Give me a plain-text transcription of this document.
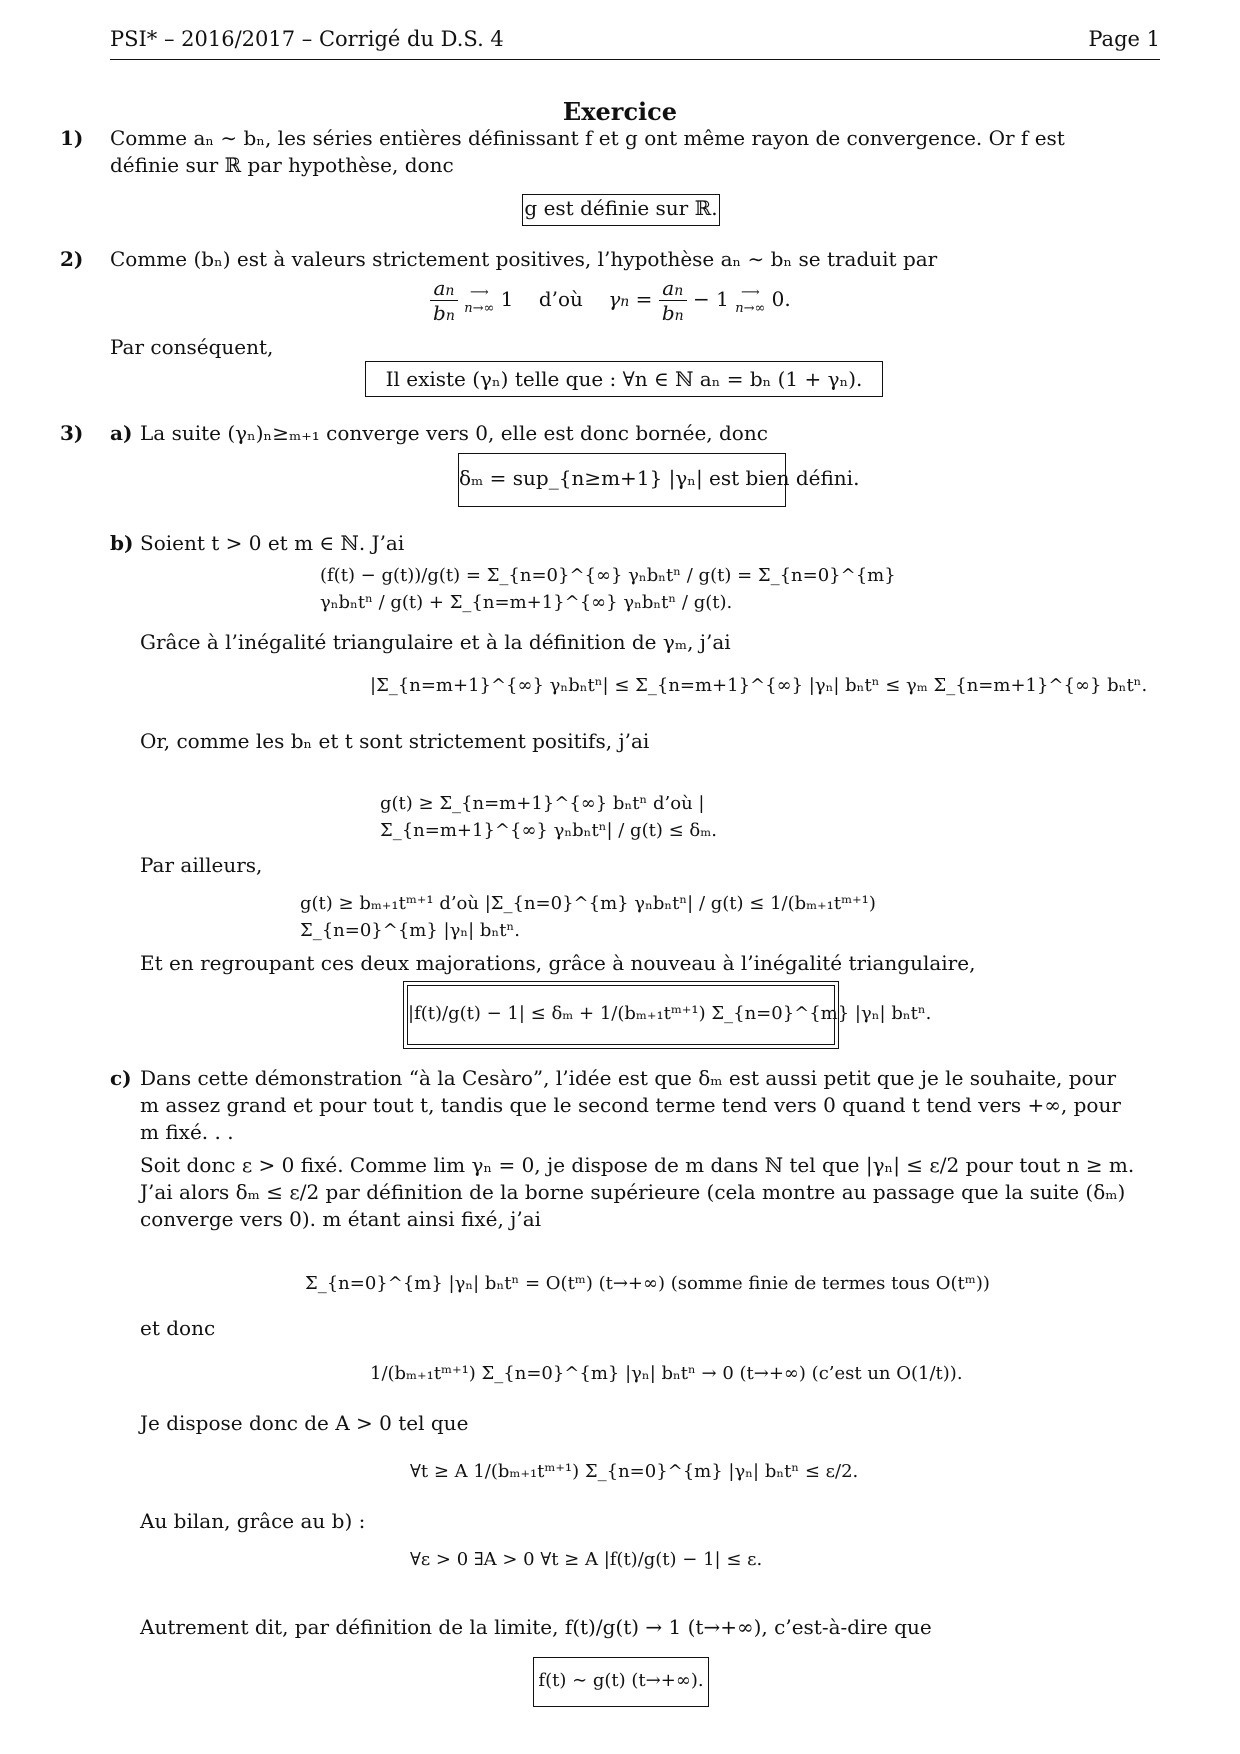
PSI* – 2016/2017 – Corrigé du D.S. 4	Page 1
Exercice
1) Comme aₙ ∼ bₙ, les séries entières définissant f et g ont même rayon de convergence. Or f est définie sur ℝ par hypothèse, donc
g est définie sur ℝ.
2) Comme (bₙ) est à valeurs strictement positives, l’hypothèse aₙ ∼ bₙ se traduit par
$\frac{an}{bn}$
⟶
n→∞ 1    d’où    $\gamma n = \frac{an}{bn} - 1$ ⟶
n→∞ 0.
Par conséquent,
Il existe (γₙ) telle que : ∀n ∈ ℕ aₙ = bₙ (1 + γₙ).
3) a) La suite (γₙ)ₙ≥ₘ₊₁ converge vers 0, elle est donc bornée, donc
δₘ = sup_{n≥m+1} |γₙ| est bien défini.
b) Soient t > 0 et m ∈ ℕ. J’ai
(f(t) − g(t))/g(t) = Σ_{n=0}^{∞} γₙbₙtⁿ / g(t) = Σ_{n=0}^{m} γₙbₙtⁿ / g(t) + Σ_{n=m+1}^{∞} γₙbₙtⁿ / g(t).
Grâce à l’inégalité triangulaire et à la définition de γₘ, j’ai
|Σ_{n=m+1}^{∞} γₙbₙtⁿ| ≤ Σ_{n=m+1}^{∞} |γₙ| bₙtⁿ ≤ γₘ Σ_{n=m+1}^{∞} bₙtⁿ.
Or, comme les bₙ et t sont strictement positifs, j’ai
g(t) ≥ Σ_{n=m+1}^{∞} bₙtⁿ d’où |Σ_{n=m+1}^{∞} γₙbₙtⁿ| / g(t) ≤ δₘ.
Par ailleurs,
g(t) ≥ bₘ₊₁tᵐ⁺¹ d’où |Σ_{n=0}^{m} γₙbₙtⁿ| / g(t) ≤ 1/(bₘ₊₁tᵐ⁺¹) Σ_{n=0}^{m} |γₙ| bₙtⁿ.
Et en regroupant ces deux majorations, grâce à nouveau à l’inégalité triangulaire,
|f(t)/g(t) − 1| ≤ δₘ + 1/(bₘ₊₁tᵐ⁺¹) Σ_{n=0}^{m} |γₙ| bₙtⁿ.
c) Dans cette démonstration “à la Cesàro”, l’idée est que δₘ est aussi petit que je le souhaite, pour m assez grand et pour tout t, tandis que le second terme tend vers 0 quand t tend vers +∞, pour m fixé. . .
Soit donc ε > 0 fixé. Comme lim γₙ = 0, je dispose de m dans ℕ tel que |γₙ| ≤ ε/2 pour tout n ≥ m. J’ai alors δₘ ≤ ε/2 par définition de la borne supérieure (cela montre au passage que la suite (δₘ) converge vers 0). m étant ainsi fixé, j’ai
Σ_{n=0}^{m} |γₙ| bₙtⁿ = O(tᵐ) (t→+∞) (somme finie de termes tous O(tᵐ))
et donc
1/(bₘ₊₁tᵐ⁺¹) Σ_{n=0}^{m} |γₙ| bₙtⁿ → 0 (t→+∞) (c’est un O(1/t)).
Je dispose donc de A > 0 tel que
∀t ≥ A 1/(bₘ₊₁tᵐ⁺¹) Σ_{n=0}^{m} |γₙ| bₙtⁿ ≤ ε/2.
Au bilan, grâce au b) :
∀ε > 0 ∃A > 0 ∀t ≥ A |f(t)/g(t) − 1| ≤ ε.
Autrement dit, par définition de la limite, f(t)/g(t) → 1 (t→+∞), c’est-à-dire que
f(t) ∼ g(t) (t→+∞).
